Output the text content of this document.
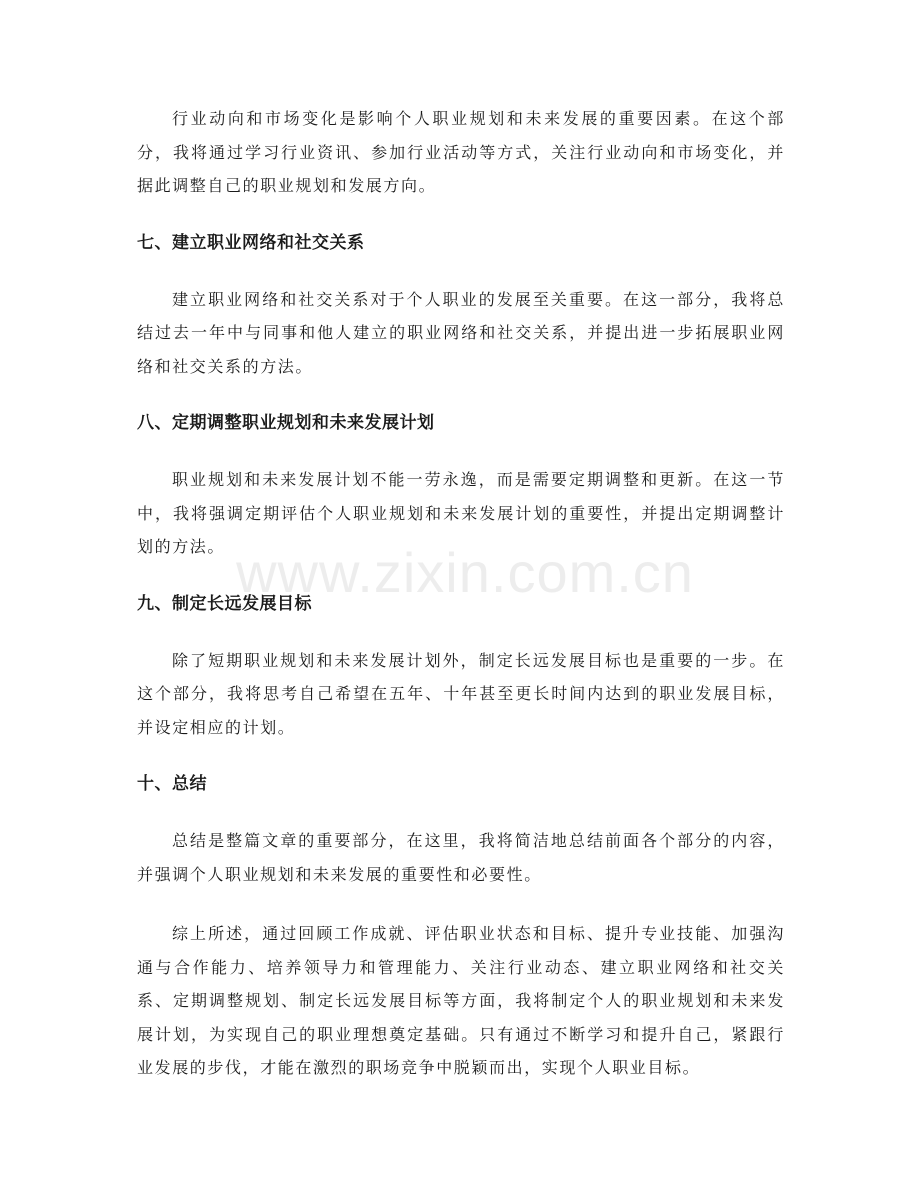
行业动向和市场变化是影响个人职业规划和未来发展的重要因素。在这个部分，我将通过学习行业资讯、参加行业活动等方式，关注行业动向和市场变化，并据此调整自己的职业规划和发展方向。

七、建立职业网络和社交关系

建立职业网络和社交关系对于个人职业的发展至关重要。在这一部分，我将总结过去一年中与同事和他人建立的职业网络和社交关系，并提出进一步拓展职业网络和社交关系的方法。

八、定期调整职业规划和未来发展计划

职业规划和未来发展计划不能一劳永逸，而是需要定期调整和更新。在这一节中，我将强调定期评估个人职业规划和未来发展计划的重要性，并提出定期调整计划的方法。

九、制定长远发展目标

除了短期职业规划和未来发展计划外，制定长远发展目标也是重要的一步。在这个部分，我将思考自己希望在五年、十年甚至更长时间内达到的职业发展目标，并设定相应的计划。

十、总结

总结是整篇文章的重要部分，在这里，我将简洁地总结前面各个部分的内容，并强调个人职业规划和未来发展的重要性和必要性。

综上所述，通过回顾工作成就、评估职业状态和目标、提升专业技能、加强沟通与合作能力、培养领导力和管理能力、关注行业动态、建立职业网络和社交关系、定期调整规划、制定长远发展目标等方面，我将制定个人的职业规划和未来发展计划，为实现自己的职业理想奠定基础。只有通过不断学习和提升自己，紧跟行业发展的步伐，才能在激烈的职场竞争中脱颖而出，实现个人职业目标。

www.zixin.com.cn
